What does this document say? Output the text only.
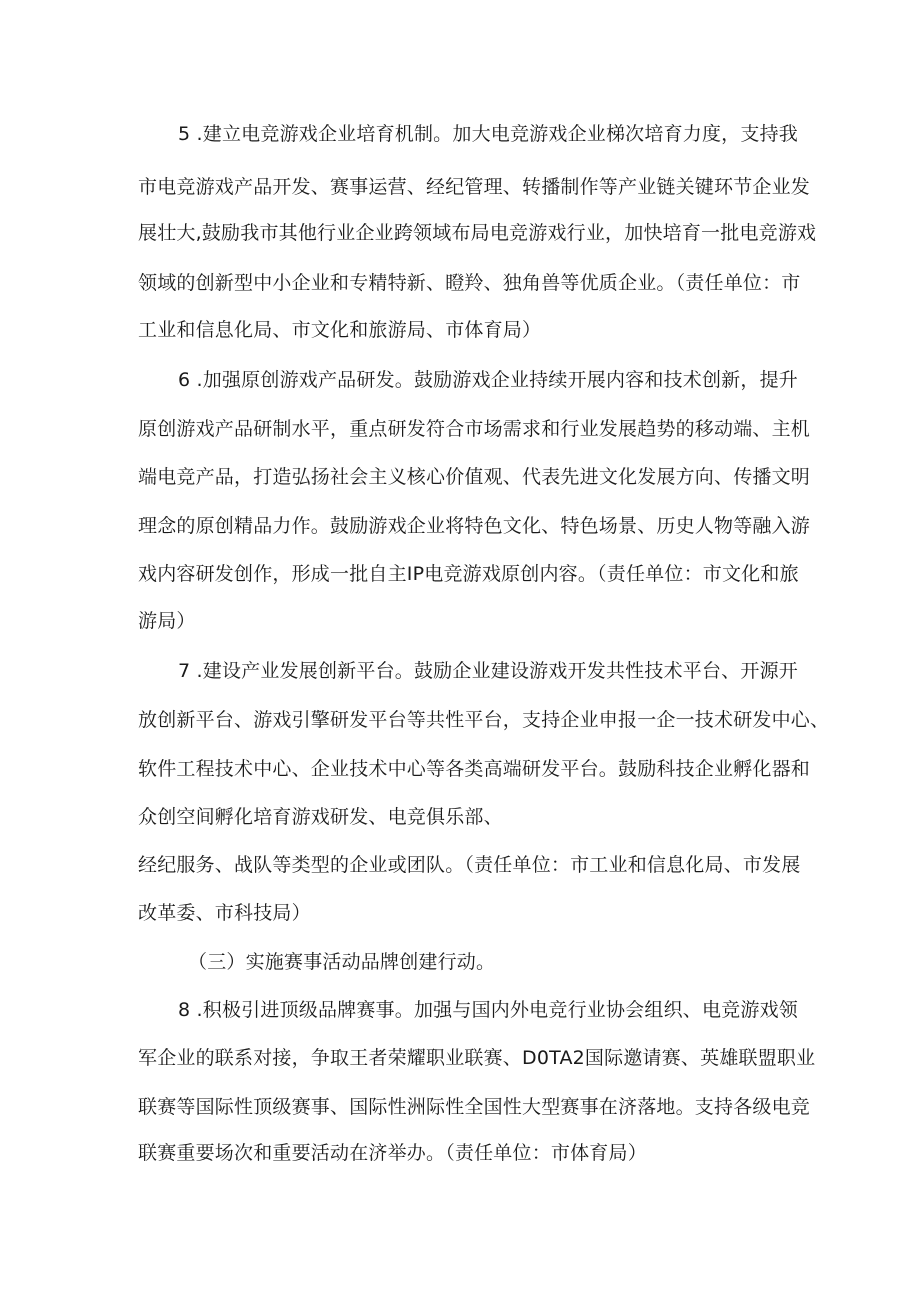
5 .建立电竞游戏企业培育机制。加大电竞游戏企业梯次培育力度，支持我

市电竞游戏产品开发、赛事运营、经纪管理、转播制作等产业链关键环节企业发

展壮大,鼓励我市其他行业企业跨领域布局电竞游戏行业，加快培育一批电竞游戏

领域的创新型中小企业和专精特新、瞪羚、独角兽等优质企业。（责任单位：市

工业和信息化局、市文化和旅游局、市体育局）

6 .加强原创游戏产品研发。鼓励游戏企业持续开展内容和技术创新，提升

原创游戏产品研制水平，重点研发符合市场需求和行业发展趋势的移动端、主机

端电竞产品，打造弘扬社会主义核心价值观、代表先进文化发展方向、传播文明

理念的原创精品力作。鼓励游戏企业将特色文化、特色场景、历史人物等融入游

戏内容研发创作，形成一批自主IP电竞游戏原创内容。（责任单位：市文化和旅

游局）

7 .建设产业发展创新平台。鼓励企业建设游戏开发共性技术平台、开源开

放创新平台、游戏引擎研发平台等共性平台，支持企业申报一企一技术研发中心、

软件工程技术中心、企业技术中心等各类高端研发平台。鼓励科技企业孵化器和

众创空间孵化培育游戏研发、电竞俱乐部、

经纪服务、战队等类型的企业或团队。（责任单位：市工业和信息化局、市发展

改革委、市科技局）

（三）实施赛事活动品牌创建行动。

8 .积极引进顶级品牌赛事。加强与国内外电竞行业协会组织、电竞游戏领

军企业的联系对接，争取王者荣耀职业联赛、D0TA2国际邀请赛、英雄联盟职业

联赛等国际性顶级赛事、国际性洲际性全国性大型赛事在济落地。支持各级电竞

联赛重要场次和重要活动在济举办。（责任单位：市体育局）
